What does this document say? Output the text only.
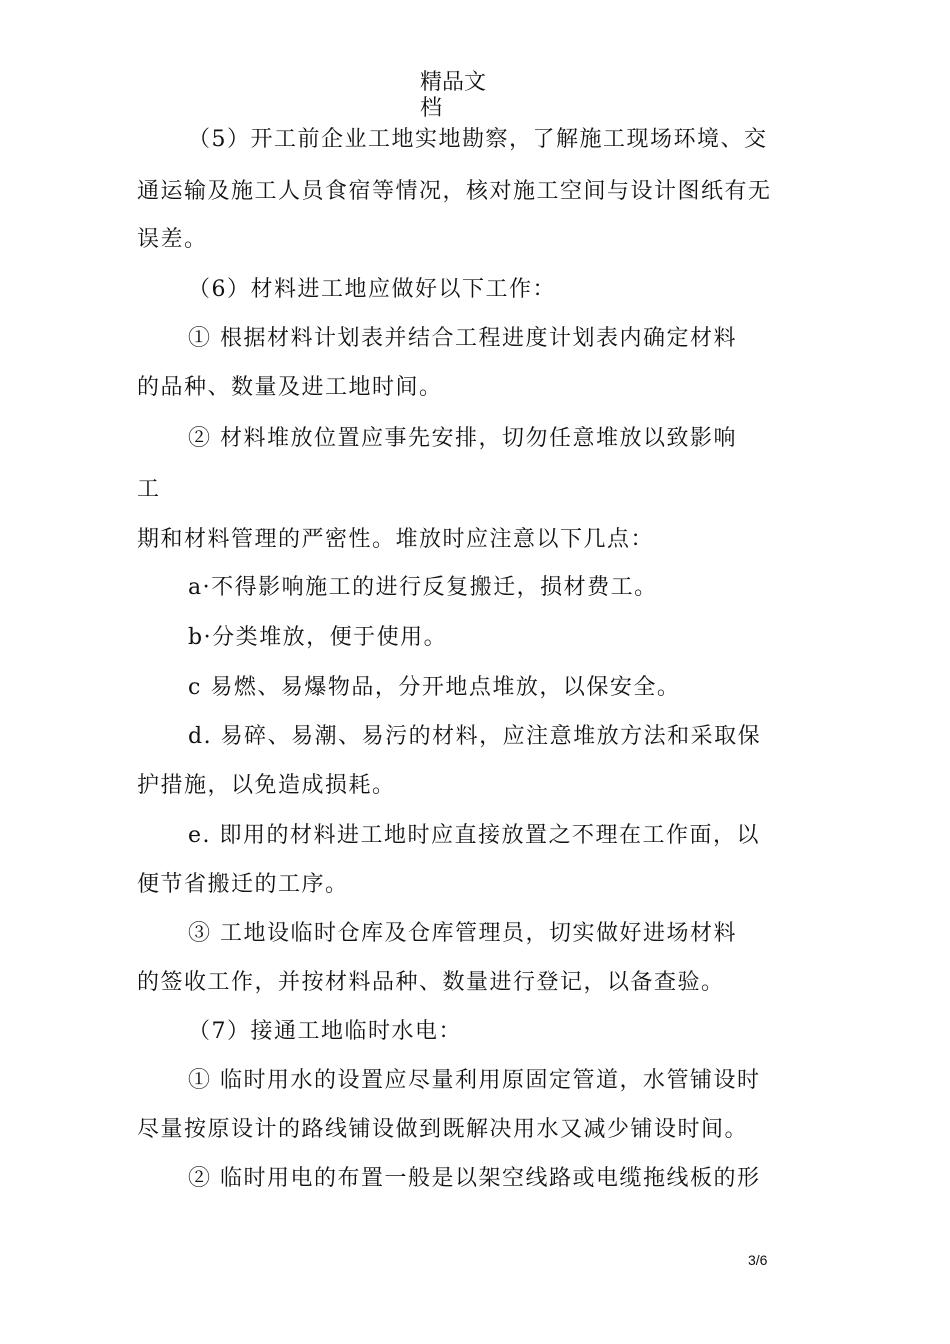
精品文
档
（5）开工前企业工地实地勘察，了解施工现场环境、交
通运输及施工人员食宿等情况，核对施工空间与设计图纸有无
误差。
（6）材料进工地应做好以下工作：
① 根据材料计划表并结合工程进度计划表内确定材料
的品种、数量及进工地时间。
② 材料堆放位置应事先安排，切勿任意堆放以致影响
工
期和材料管理的严密性。堆放时应注意以下几点：
a·不得影响施工的进行反复搬迁，损材费工。
b·分类堆放，便于使用。
c 易燃、易爆物品，分开地点堆放，以保安全。
d. 易碎、易潮、易污的材料，应注意堆放方法和采取保
护措施，以免造成损耗。
e. 即用的材料进工地时应直接放置之不理在工作面，以
便节省搬迁的工序。
③ 工地设临时仓库及仓库管理员，切实做好进场材料
的签收工作，并按材料品种、数量进行登记，以备查验。
（7）接通工地临时水电：
① 临时用水的设置应尽量利用原固定管道，水管铺设时
尽量按原设计的路线铺设做到既解决用水又减少铺设时间。
② 临时用电的布置一般是以架空线路或电缆拖线板的形
3/6
